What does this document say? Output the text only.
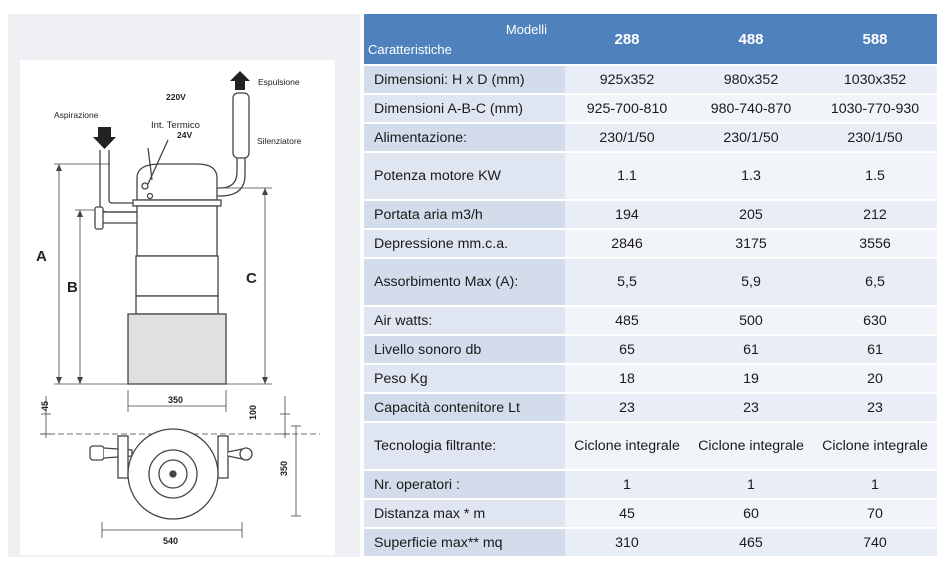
Espulsione
Aspirazione
220V
Int. Termico
24V
Silenziatore
A
B
C
350
45	100
350
540
Modelli
Caratteristiche	288	488	588
Dimensioni: H x D (mm)	925x352	980x352	1030x352
Dimensioni A-B-C (mm)	925-700-810	980-740-870	1030-770-930
Alimentazione:	230/1/50	230/1/50	230/1/50
Potenza motore KW	1.1	1.3	1.5
Portata aria m3/h	194	205	212
Depressione mm.c.a.	2846	3175	3556
Assorbimento Max (A):	5,5	5,9	6,5
Air watts:	485	500	630
Livello sonoro db	65	61	61
Peso Kg	18	19	20
Capacità contenitore Lt	23	23	23
Tecnologia filtrante:	Ciclone integrale	Ciclone integrale	Ciclone integrale
Nr. operatori :	1	1	1
Distanza max * m	45	60	70
Superficie max** mq	310	465	740
